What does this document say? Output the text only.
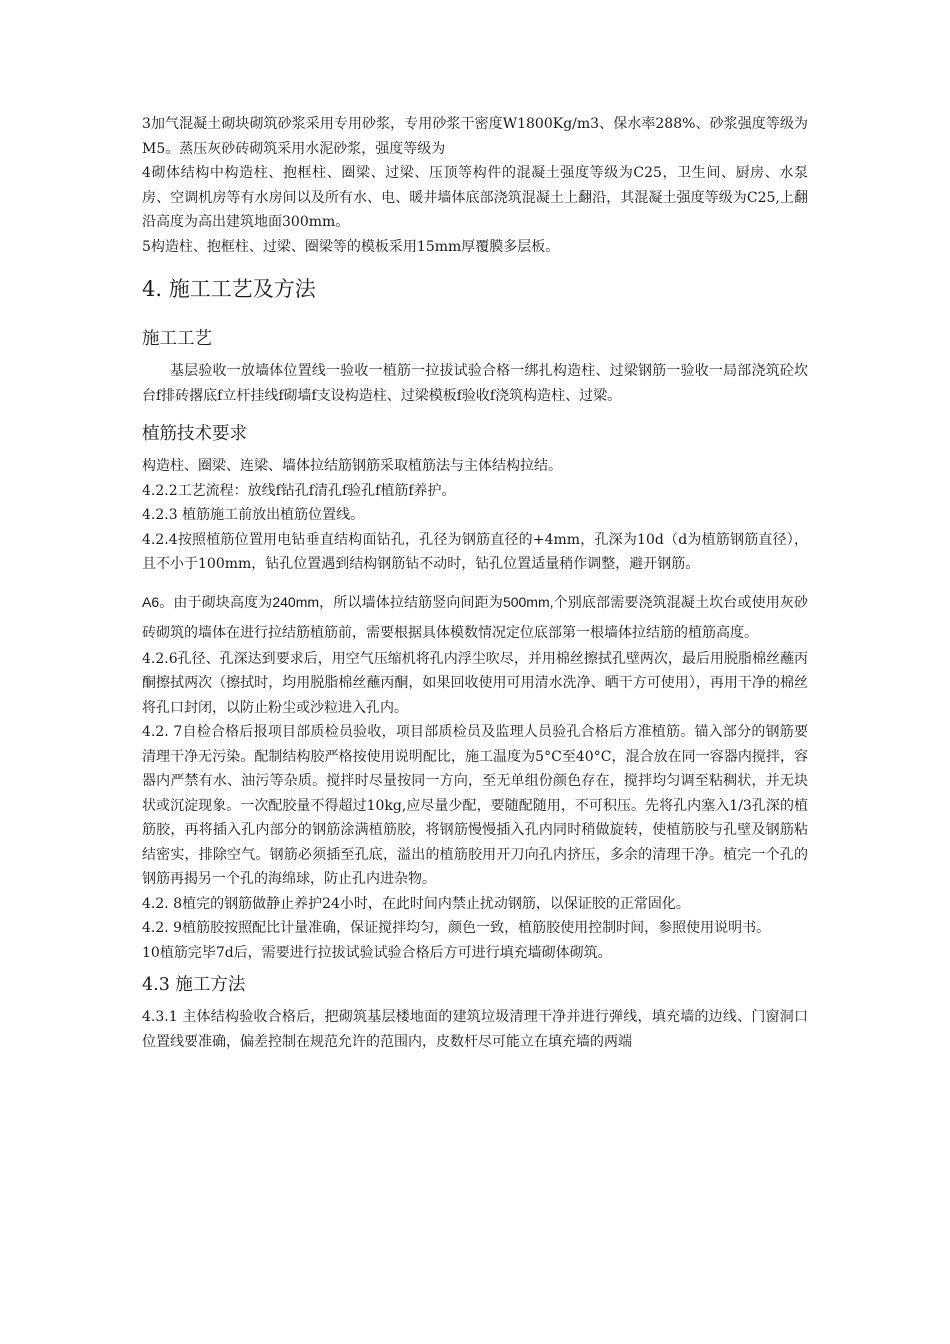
3加气混凝土砌块砌筑砂浆采用专用砂浆，专用砂浆干密度W1800Kg/m3、保水率288%、砂浆强度等级为M5。蒸压灰砂砖砌筑采用水泥砂浆，强度等级为

4砌体结构中构造柱、抱框柱、圈梁、过梁、压顶等构件的混凝土强度等级为C25，卫生间、厨房、水泵房、空调机房等有水房间以及所有水、电、暖井墙体底部浇筑混凝土上翻沿，其混凝土强度等级为C25,上翻沿高度为高出建筑地面300mm。

5构造柱、抱框柱、过梁、圈梁等的模板采用15mm厚覆膜多层板。

4. 施工工艺及方法
施工工艺

基层验收一放墙体位置线一验收一植筋一拉拔试验合格一绑扎构造柱、过梁钢筋一验收一局部浇筑砼坎台f排砖撂底f立杆挂线f砌墙f支设构造柱、过梁模板f验收f浇筑构造柱、过梁。

植筋技术要求

构造柱、圈梁、连梁、墙体拉结筋钢筋采取植筋法与主体结构拉结。

4.2.2工艺流程：放线f钻孔f清孔f验孔f植筋f养护。

4.2.3 植筋施工前放出植筋位置线。

4.2.4按照植筋位置用电钻垂直结构面钻孔，孔径为钢筋直径的+4mm，孔深为10d（d为植筋钢筋直径），且不小于100mm，钻孔位置遇到结构钢筋钻不动时，钻孔位置适量稍作调整，避开钢筋。

A6。由于砌块高度为240mm，所以墙体拉结筋竖向间距为500mm,个别底部需要浇筑混凝土坎台或使用灰砂砖砌筑的墙体在进行拉结筋植筋前，需要根据具体模数情况定位底部第一根墙体拉结筋的植筋高度。

4.2.6孔径、孔深达到要求后，用空气压缩机将孔内浮尘吹尽，并用棉丝擦拭孔壁两次，最后用脱脂棉丝蘸丙酮擦拭两次（擦拭时，均用脱脂棉丝蘸丙酮，如果回收使用可用清水洗净、晒干方可使用），再用干净的棉丝将孔口封闭，以防止粉尘或沙粒进入孔内。

4.2. 7自检合格后报项目部质检员验收，项目部质检员及监理人员验孔合格后方准植筋。锚入部分的钢筋要清理干净无污染。配制结构胶严格按使用说明配比，施工温度为5°C至40°C，混合放在同一容器内搅拌，容器内严禁有水、油污等杂质。搅拌时尽量按同一方向，至无单组份颜色存在，搅拌均匀调至粘稠状，并无块状或沉淀现象。一次配胶量不得超过10kg,应尽量少配，要随配随用，不可积压。先将孔内塞入1/3孔深的植筋胶，再将插入孔内部分的钢筋涂满植筋胶，将钢筋慢慢插入孔内同时稍做旋转，使植筋胶与孔壁及钢筋粘结密实，排除空气。钢筋必须插至孔底，溢出的植筋胶用开刀向孔内挤压，多余的清理干净。植完一个孔的钢筋再揭另一个孔的海绵球，防止孔内进杂物。

4.2. 8植完的钢筋做静止养护24小时，在此时间内禁止扰动钢筋，以保证胶的正常固化。

4.2. 9植筋胶按照配比计量准确，保证搅拌均匀，颜色一致，植筋胶使用控制时间，参照使用说明书。

10植筋完毕7d后，需要进行拉拔试验试验合格后方可进行填充墙砌体砌筑。

4.3 施工方法

4.3.1 主体结构验收合格后，把砌筑基层楼地面的建筑垃圾清理干净并进行弹线，填充墙的边线、门窗洞口位置线要准确，偏差控制在规范允许的范围内，皮数杆尽可能立在填充墙的两端
